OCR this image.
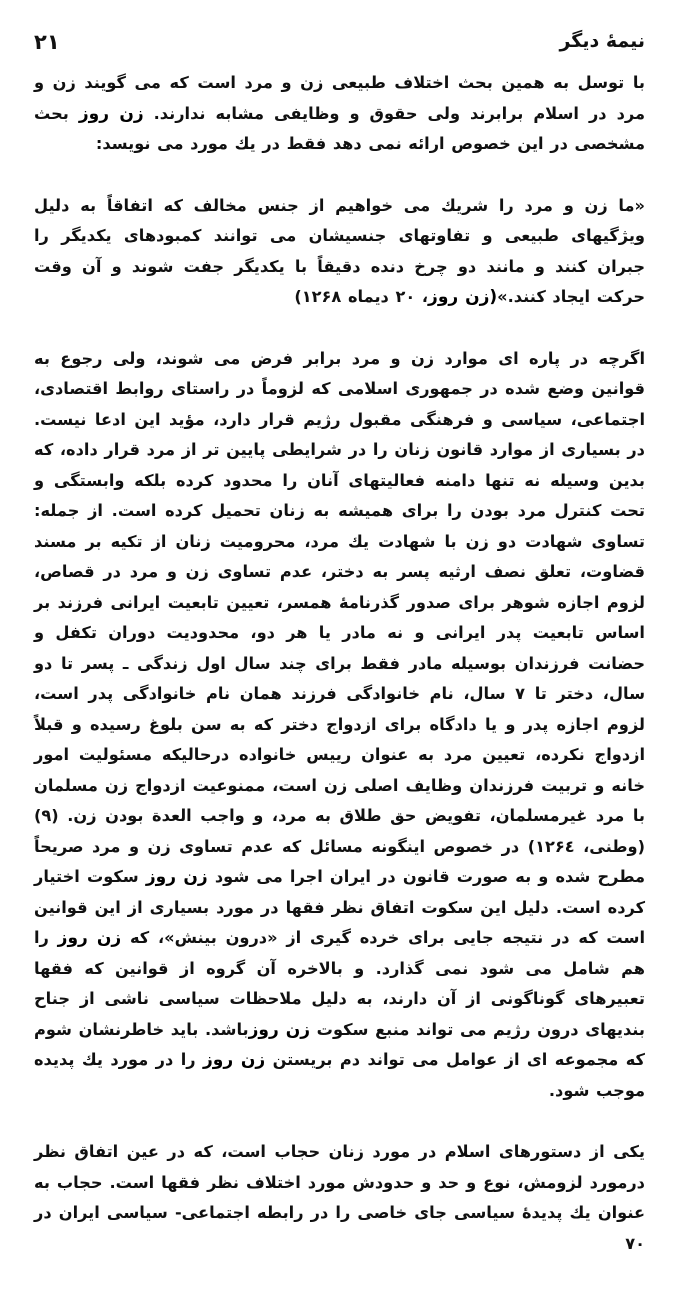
۲۱	نیمهٔ دیگر

با توسل به همین بحث اختلاف طبیعی زن و مرد است که می گویند زن و مرد در اسلام برابرند ولی حقوق و وظایفی مشابه ندارند. زن روز بحث مشخصی در این خصوص ارائه نمی دهد فقط در یك مورد می نویسد:

«ما زن و مرد را شریك می خواهیم از جنس مخالف که اتفاقاً به دلیل ویژگیهای طبیعی و تفاوتهای جنسیشان می توانند کمبودهای یکدیگر را جبران کنند و مانند دو چرخ دنده دقیقاً با یکدیگر جفت شوند و آن وقت حرکت ایجاد کنند.»(زن روز، ۲۰ دیماه ۱۲۶۸)

اگرچه در پاره ای موارد زن و مرد برابر فرض می شوند، ولی رجوع به قوانین وضع شده در جمهوری اسلامی که لزوماً در راستای روابط اقتصادی، اجتماعی، سیاسی و فرهنگی مقبول رژیم قرار دارد، مؤید این ادعا نیست. در بسیاری از موارد قانون زنان را در شرایطی پایین تر از مرد قرار داده، که بدین وسیله نه تنها دامنه فعالیتهای آنان را محدود کرده بلکه وابستگی و تحت کنترل مرد بودن را برای همیشه به زنان تحمیل کرده است. از جمله: تساوی شهادت دو زن با شهادت یك مرد، محرومیت زنان از تکیه بر مسند قضاوت، تعلق نصف ارثیه پسر به دختر، عدم تساوی زن و مرد در قصاص، لزوم اجازه شوهر برای صدور گذرنامهٔ همسر، تعیین تابعیت ایرانی فرزند بر اساس تابعیت پدر ایرانی و نه مادر یا هر دو، محدودیت دوران تکفل و حضانت فرزندان بوسیله مادر فقط برای چند سال اول زندگی ـ پسر تا دو سال، دختر تا ۷ سال، نام خانوادگی فرزند همان نام خانوادگی پدر است، لزوم اجازه پدر و یا دادگاه برای ازدواج دختر که به سن بلوغ رسیده و قبلاً ازدواج نکرده، تعیین مرد به عنوان رییس خانواده درحالیکه مسئولیت امور خانه و تربیت فرزندان وظایف اصلی زن است، ممنوعیت ازدواج زن مسلمان با مرد غیرمسلمان، تفویض حق طلاق به مرد، و واجب العدة بودن زن. (۹) (وطنی، ۱۲۶٤) در خصوص اینگونه مسائل که عدم تساوی زن و مرد صریحاً مطرح شده و به صورت قانون در ایران اجرا می شود زن روز سکوت اختیار کرده است. دلیل این سکوت اتفاق نظر فقها در مورد بسیاری از این قوانین است که در نتیجه جایی برای خرده گیری از «درون بینش»، که زن روز را هم شامل می شود نمی گذارد. و بالاخره آن گروه از قوانین که فقها تعبیرهای گوناگونی از آن دارند، به دلیل ملاحظات سیاسی ناشی از جناح بندیهای درون رژیم می تواند منبع سکوت زن روزباشد. باید خاطرنشان شوم که مجموعه ای از عوامل می تواند دم بریستن زن روز را در مورد یك پدیده موجب شود.

یکی از دستورهای اسلام در مورد زنان حجاب است، که در عین اتفاق نظر درمورد لزومش، نوع و حد و حدودش مورد اختلاف نظر فقها است. حجاب به عنوان یك پدیدهٔ سیاسی جای خاصی را در رابطه اجتماعی- سیاسی ایران در ۷۰
